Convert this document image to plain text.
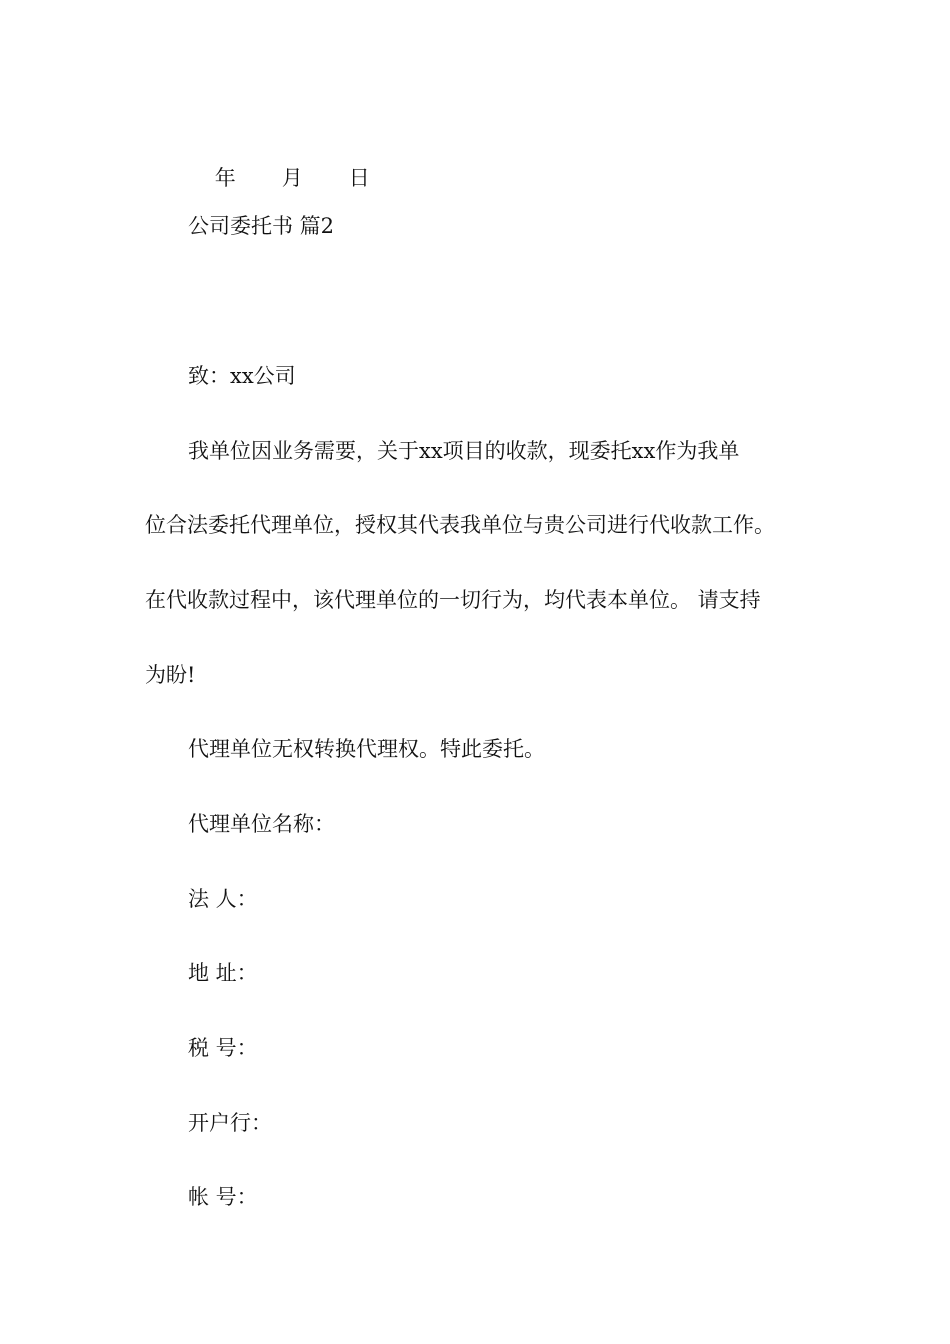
年 月 日

公司委托书 篇2

致：xx公司

我单位因业务需要，关于xx项目的收款，现委托xx作为我单

位合法委托代理单位，授权其代表我单位与贵公司进行代收款工作。

在代收款过程中，该代理单位的一切行为，均代表本单位。 请支持

为盼!

代理单位无权转换代理权。特此委托。

代理单位名称：

法 人：

地 址：

税 号：

开户行：

帐 号：
